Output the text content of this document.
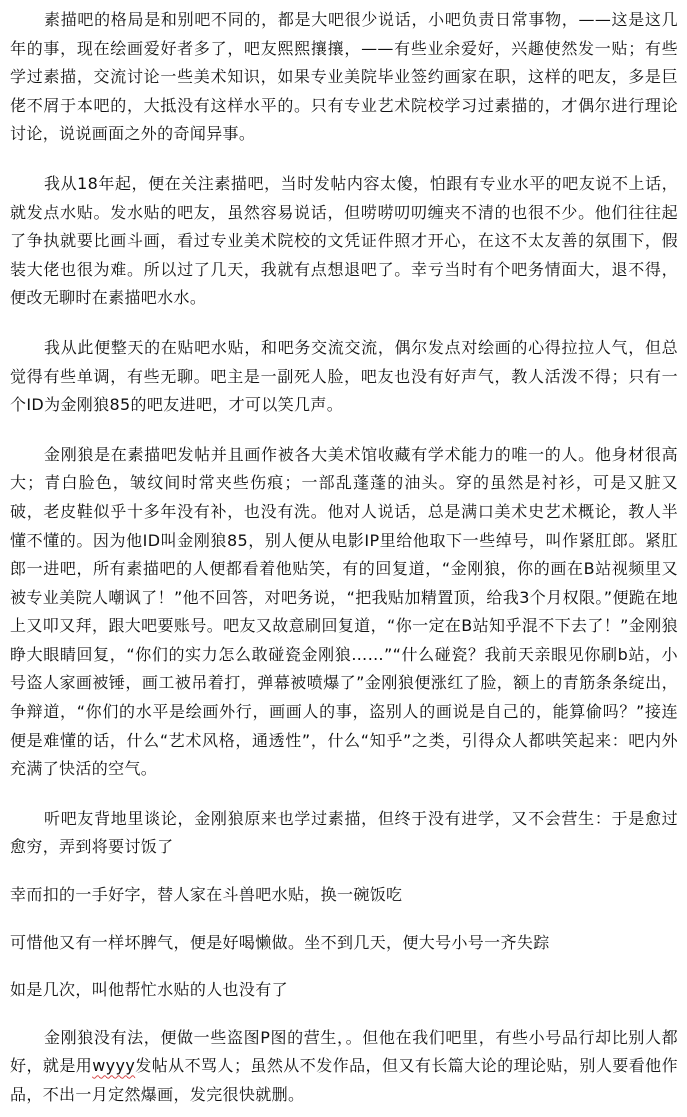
素描吧的格局是和别吧不同的，都是大吧很少说话，小吧负责日常事物，——这是这几年的事，现在绘画爱好者多了，吧友熙熙攘攘，——有些业余爱好，兴趣使然发一贴；有些学过素描，交流讨论一些美术知识，如果专业美院毕业签约画家在职，这样的吧友，多是巨佬不屑于本吧的，大抵没有这样水平的。只有专业艺术院校学习过素描的，才偶尔进行理论讨论，说说画面之外的奇闻异事。

我从18年起，便在关注素描吧，当时发帖内容太傻，怕跟有专业水平的吧友说不上话，就发点水贴。发水贴的吧友，虽然容易说话，但唠唠叨叨缠夹不清的也很不少。他们往往起了争执就要比画斗画，看过专业美术院校的文凭证件照才开心，在这不太友善的氛围下，假装大佬也很为难。所以过了几天，我就有点想退吧了。幸亏当时有个吧务情面大，退不得，便改无聊时在素描吧水水。

我从此便整天的在贴吧水贴，和吧务交流交流，偶尔发点对绘画的心得拉拉人气，但总觉得有些单调，有些无聊。吧主是一副死人脸，吧友也没有好声气，教人活泼不得；只有一个ID为金刚狼85的吧友进吧，才可以笑几声。

金刚狼是在素描吧发帖并且画作被各大美术馆收藏有学术能力的唯一的人。他身材很高大；青白脸色，皱纹间时常夹些伤痕；一部乱蓬蓬的油头。穿的虽然是衬衫，可是又脏又破，老皮鞋似乎十多年没有补，也没有洗。他对人说话，总是满口美术史艺术概论，教人半懂不懂的。因为他ID叫金刚狼85，别人便从电影IP里给他取下一些绰号，叫作紧肛郎。紧肛郎一进吧，所有素描吧的人便都看着他贴笑，有的回复道，“金刚狼，你的画在B站视频里又被专业美院人嘲讽了！”他不回答，对吧务说，“把我贴加精置顶，给我3个月权限。”便跪在地上又叩又拜，跟大吧要账号。吧友又故意刷回复道，“你一定在B站知乎混不下去了！”金刚狼睁大眼睛回复，“你们的实力怎么敢碰瓷金刚狼……”“什么碰瓷？我前天亲眼见你刷b站，小号盗人家画被锤，画工被吊着打，弹幕被喷爆了”金刚狼便涨红了脸，额上的青筋条条绽出，争辩道，“你们的水平是绘画外行，画画人的事，盗别人的画说是自己的，能算偷吗？”接连便是难懂的话，什么“艺术风格，通透性”，什么“知乎”之类，引得众人都哄笑起来：吧内外充满了快活的空气。

听吧友背地里谈论，金刚狼原来也学过素描，但终于没有进学，又不会营生：于是愈过愈穷，弄到将要讨饭了

幸而扣的一手好字，替人家在斗兽吧水贴，换一碗饭吃

可惜他又有一样坏脾气，便是好喝懒做。坐不到几天，便大号小号一齐失踪

如是几次，叫他帮忙水贴的人也没有了

金刚狼没有法，便做一些盗图P图的营生，。但他在我们吧里，有些小号品行却比别人都好，就是用wyyy发帖从不骂人；虽然从不发作品，但又有长篇大论的理论贴，别人要看他作品，不出一月定然爆画，发完很快就删。
